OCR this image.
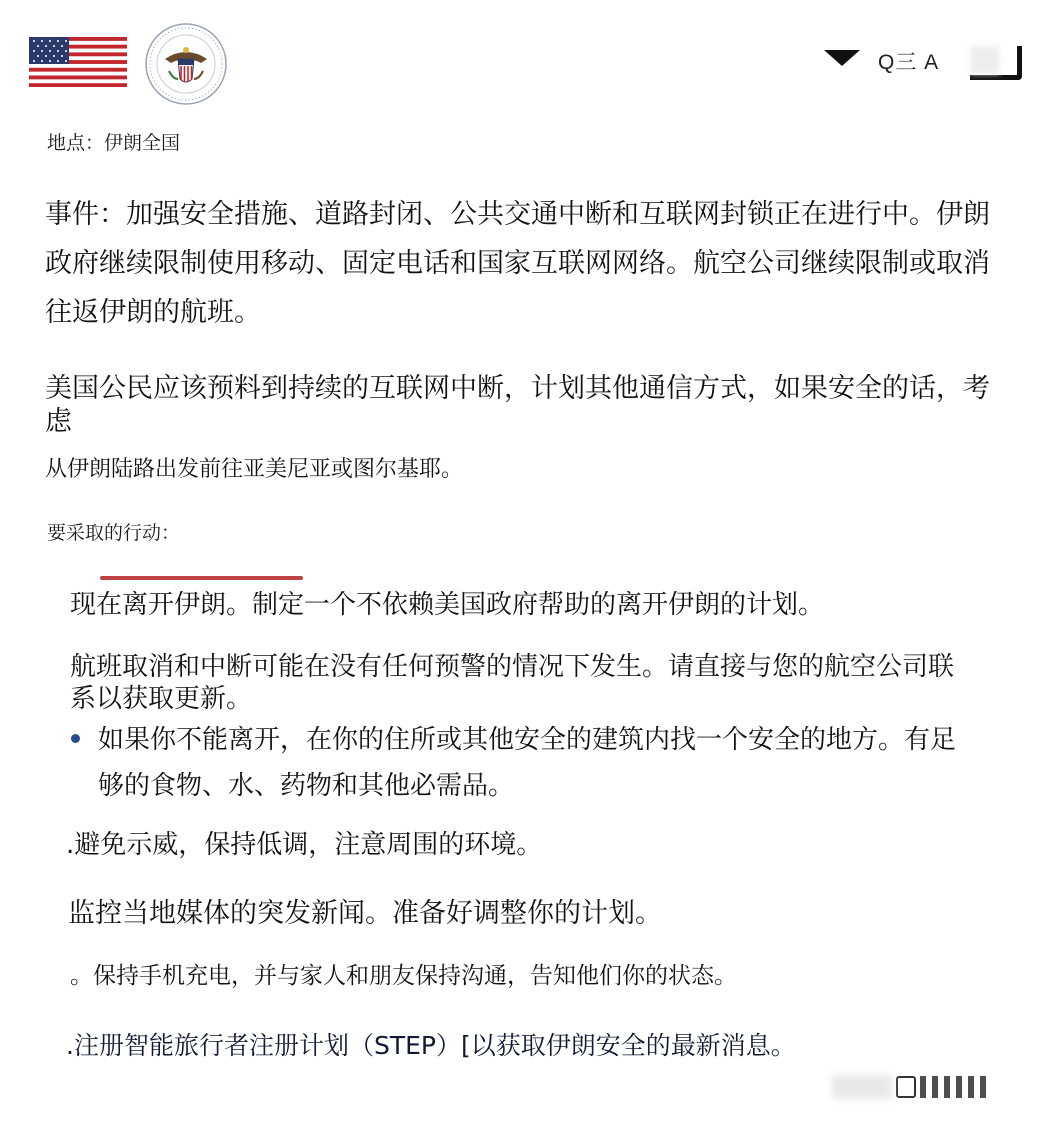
Q三 A

地点：伊朗全国

事件：加强安全措施、道路封闭、公共交通中断和互联网封锁正在进行中。伊朗政府继续限制使用移动、固定电话和国家互联网网络。航空公司继续限制或取消往返伊朗的航班。

美国公民应该预料到持续的互联网中断，计划其他通信方式，如果安全的话，考虑

从伊朗陆路出发前往亚美尼亚或图尔基耶。

要采取的行动：

现在离开伊朗。制定一个不依赖美国政府帮助的离开伊朗的计划。

航班取消和中断可能在没有任何预警的情况下发生。请直接与您的航空公司联系以获取更新。

如果你不能离开，在你的住所或其他安全的建筑内找一个安全的地方。有足够的食物、水、药物和其他必需品。

.避免示威，保持低调，注意周围的环境。

监控当地媒体的突发新闻。准备好调整你的计划。

。保持手机充电，并与家人和朋友保持沟通，告知他们你的状态。

.注册智能旅行者注册计划（STEP）[以获取伊朗安全的最新消息。
